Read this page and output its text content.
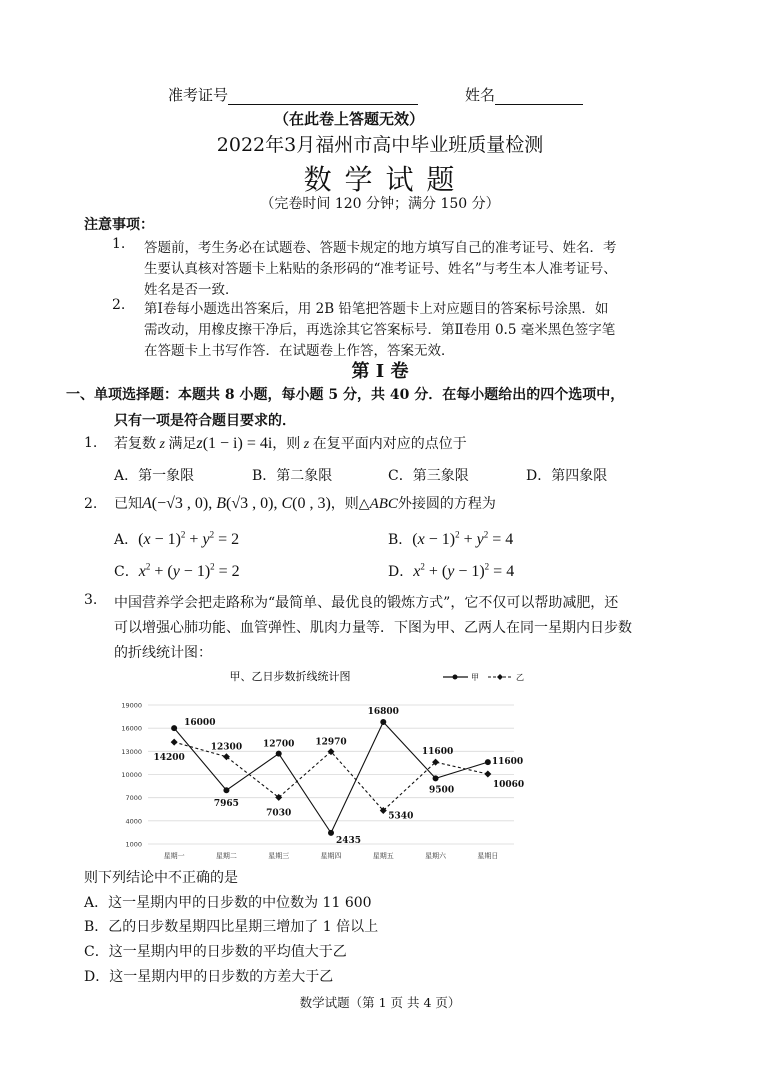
准考证号	姓名
（在此卷上答题无效）
2022年3月福州市高中毕业班质量检测
数 学 试 题
（完卷时间 120 分钟；满分 150 分）
注意事项：
1. 答题前，考生务必在试题卷、答题卡规定的地方填写自己的准考证号、姓名．考
生要认真核对答题卡上粘贴的条形码的“准考证号、姓名”与考生本人准考证号、
姓名是否一致．
2. 第Ⅰ卷每小题选出答案后，用 2B 铅笔把答题卡上对应题目的答案标号涂黑．如
需改动，用橡皮擦干净后，再选涂其它答案标号．第Ⅱ卷用 0.5 毫米黑色签字笔
在答题卡上书写作答．在试题卷上作答，答案无效．
第 Ⅰ 卷
一、单项选择题：本题共 8 小题，每小题 5 分，共 40 分．在每小题给出的四个选项中，
只有一项是符合题目要求的．
1. 若复数 z 满足z(1 − i) = 4i，则 z 在复平面内对应的点位于
A．第一象限	B．第二象限	C．第三象限	D．第四象限
2. 已知A(−√3 , 0), B(√3 , 0), C(0 , 3)，则△ABC外接圆的方程为
A．$(x - 1)^2 + y^2 = 2$	B．$(x - 1)^2 + y^2 = 4$
C．$x^2 + (y - 1)^2 = 2$	D．$x^2 + (y - 1)^2 = 4$
3. 中国营养学会把走路称为“最简单、最优良的锻炼方式”，它不仅可以帮助减肥，还
可以增强心肺功能、血管弹性、肌肉力量等．下图为甲、乙两人在同一星期内日步数
的折线统计图：
甲、乙日步数折线统计图	甲	乙
19000
16000
13000
10000
7000
4000
1000
星期一	星期二	星期三	星期四	星期五	星期六	星期日
16000
7965
12700
2435
16800
9500
11600
14200
12300
7030
12970
5340
11600
10060
则下列结论中不正确的是
A．这一星期内甲的日步数的中位数为 11 600
B．乙的日步数星期四比星期三增加了 1 倍以上
C．这一星期内甲的日步数的平均值大于乙
D．这一星期内甲的日步数的方差大于乙
数学试题（第 1 页 共 4 页）
